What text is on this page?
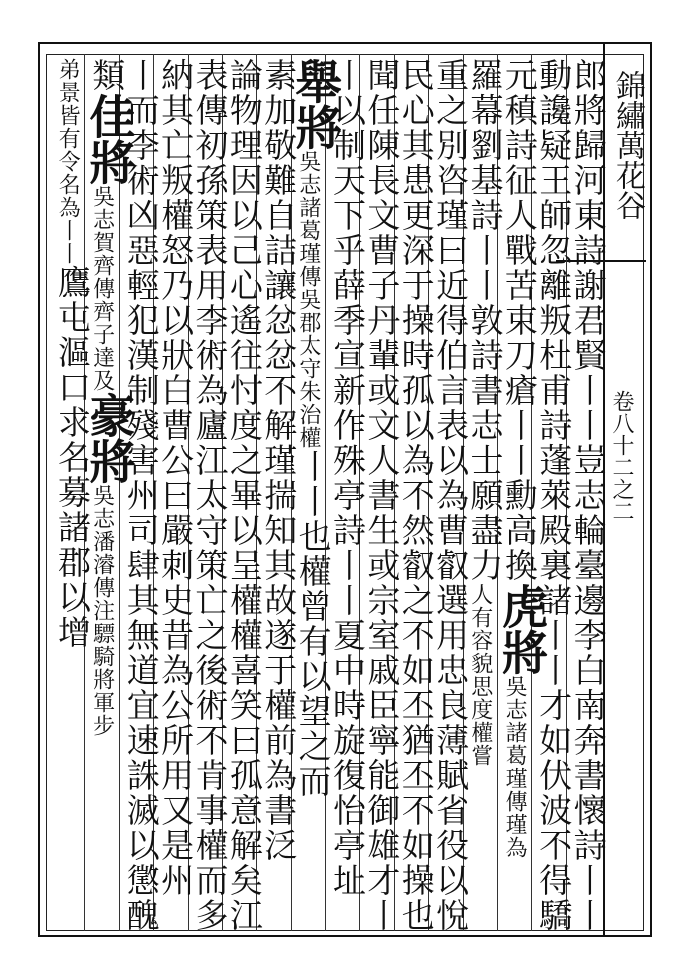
錦繡萬花谷
卷八十二之二
郎將歸河東詩謝君賢丨丨豈志輪臺邊李白南奔書懷詩丨丨
動讒疑王師忽離叛杜甫詩蓬萊殿裏諸丨丨才如伏波不得驕
元稹詩征人戰苦束刀瘡丨丨勳高換
虎將
吳志諸葛瑾傳瑾為
羅幕劉基詩丨丨敦詩書志士願盡力
人有容貌思度權嘗
重之別咨瑾曰近得伯言表以為曹叡選用忠良薄賦省役以悅
民心其患更深于操時孤以為不然叡之不如丕猶丕不如操也
聞任陳長文曹子丹輩或文人書生或宗室戚臣寧能御雄才丨
丨以制天下乎薛季宣新作殊亭詩丨丨夏中時旋復怡亭址
舉將
吳志諸葛瑾傳吳郡太守朱治權
丨丨也權曾有以望之而
素加敬難自詰讓忿忿不解瑾揣知其故遂于權前為書泛
論物理因以己心遙往忖度之畢以呈權權喜笑曰孤意解矣江
表傳初孫策表用李術為廬江太守策亡之後術不肯事權而多
納其亡叛權怒乃以狀白曹公曰嚴刺史昔為公所用又是州
丨而李術凶惡輕犯漢制殘害州司肆其無道宜速誅滅以懲醜
類
佳將
吳志賀齊傳齊子達及
豪將
吳志潘濬傳注驃騎將軍步
弟景皆有令名為丨丨
鷹屯漚口求名募諸郡以增
